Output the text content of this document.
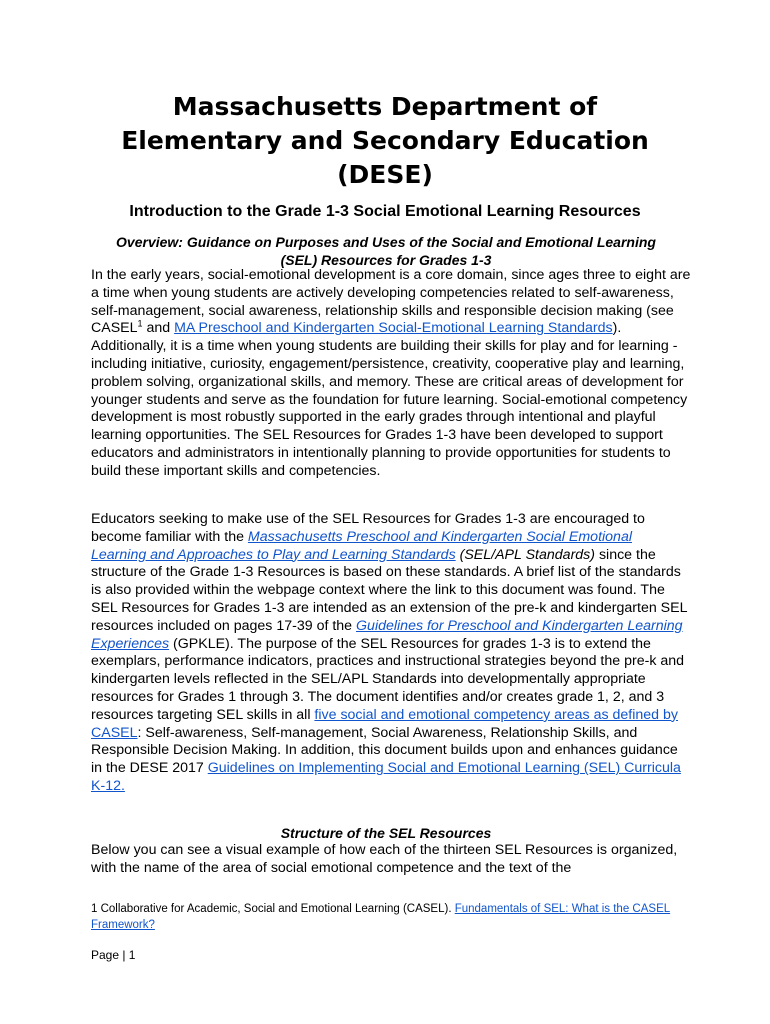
Massachusetts Department of
Elementary and Secondary Education
(DESE)
Introduction to the Grade 1-3 Social Emotional Learning Resources
Overview: Guidance on Purposes and Uses of the Social and Emotional Learning
(SEL) Resources for Grades 1-3
In the early years, social-emotional development is a core domain, since ages three to eight are a time when young students are actively developing competencies related to self-awareness, self-management, social awareness, relationship skills and responsible decision making (see CASEL$^1$ and MA Preschool and Kindergarten Social-Emotional Learning Standards). Additionally, it is a time when young students are building their skills for play and for learning - including initiative, curiosity, engagement/persistence, creativity, cooperative play and learning, problem solving, organizational skills, and memory. These are critical areas of development for younger students and serve as the foundation for future learning. Social-emotional competency development is most robustly supported in the early grades through intentional and playful learning opportunities. The SEL Resources for Grades 1-3 have been developed to support educators and administrators in intentionally planning to provide opportunities for students to build these important skills and competencies.
Educators seeking to make use of the SEL Resources for Grades 1-3 are encouraged to become familiar with the Massachusetts Preschool and Kindergarten Social Emotional Learning and Approaches to Play and Learning Standards (SEL/APL Standards) since the structure of the Grade 1-3 Resources is based on these standards. A brief list of the standards is also provided within the webpage context where the link to this document was found. The SEL Resources for Grades 1-3 are intended as an extension of the pre-k and kindergarten SEL resources included on pages 17-39 of the Guidelines for Preschool and Kindergarten Learning Experiences (GPKLE). The purpose of the SEL Resources for grades 1-3 is to extend the exemplars, performance indicators, practices and instructional strategies beyond the pre-k and kindergarten levels reflected in the SEL/APL Standards into developmentally appropriate resources for Grades 1 through 3. The document identifies and/or creates grade 1, 2, and 3 resources targeting SEL skills in all five social and emotional competency areas as defined by CASEL: Self-awareness, Self-management, Social Awareness, Relationship Skills, and Responsible Decision Making. In addition, this document builds upon and enhances guidance in the DESE 2017 Guidelines on Implementing Social and Emotional Learning (SEL) Curricula K-12.
Structure of the SEL Resources
Below you can see a visual example of how each of the thirteen SEL Resources is organized, with the name of the area of social emotional competence and the text of the
1 Collaborative for Academic, Social and Emotional Learning (CASEL). Fundamentals of SEL: What is the CASEL Framework?
Page | 1
